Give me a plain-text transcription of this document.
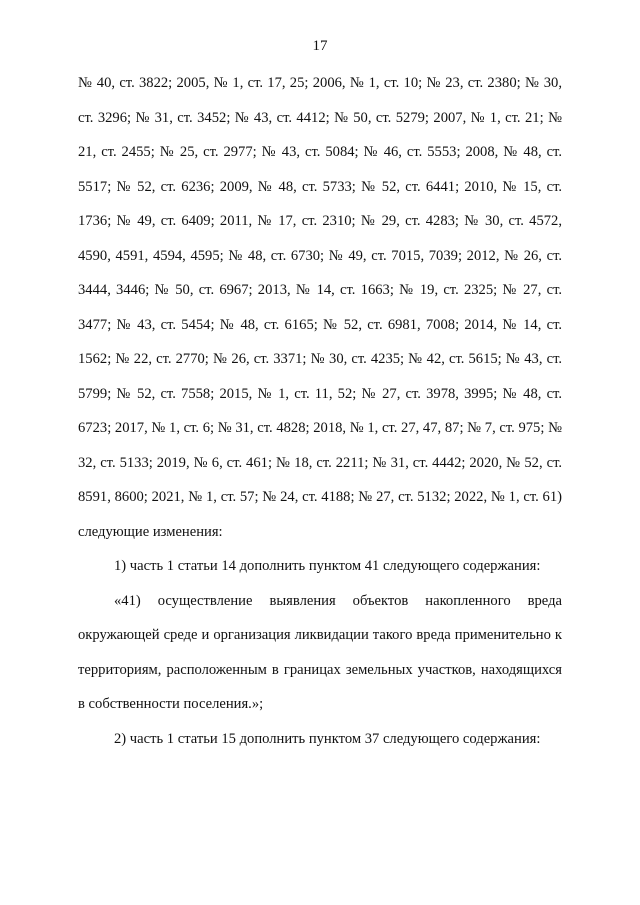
17

№ 40, ст. 3822; 2005, № 1, ст. 17, 25; 2006, № 1, ст. 10; № 23, ст. 2380; № 30, ст. 3296; № 31, ст. 3452; № 43, ст. 4412; № 50, ст. 5279; 2007, № 1, ст. 21; № 21, ст. 2455; № 25, ст. 2977; № 43, ст. 5084; № 46, ст. 5553; 2008, № 48, ст. 5517; № 52, ст. 6236; 2009, № 48, ст. 5733; № 52, ст. 6441; 2010, № 15, ст. 1736; № 49, ст. 6409; 2011, № 17, ст. 2310; № 29, ст. 4283; № 30, ст. 4572, 4590, 4591, 4594, 4595; № 48, ст. 6730; № 49, ст. 7015, 7039; 2012, № 26, ст. 3444, 3446; № 50, ст. 6967; 2013, № 14, ст. 1663; № 19, ст. 2325; № 27, ст. 3477; № 43, ст. 5454; № 48, ст. 6165; № 52, ст. 6981, 7008; 2014, № 14, ст. 1562; № 22, ст. 2770; № 26, ст. 3371; № 30, ст. 4235; № 42, ст. 5615; № 43, ст. 5799; № 52, ст. 7558; 2015, № 1, ст. 11, 52; № 27, ст. 3978, 3995; № 48, ст. 6723; 2017, № 1, ст. 6; № 31, ст. 4828; 2018, № 1, ст. 27, 47, 87; № 7, ст. 975; № 32, ст. 5133; 2019, № 6, ст. 461; № 18, ст. 2211; № 31, ст. 4442; 2020, № 52, ст. 8591, 8600; 2021, № 1, ст. 57; № 24, ст. 4188; № 27, ст. 5132; 2022, № 1, ст. 61) следующие изменения:

1) часть 1 статьи 14 дополнить пунктом 41 следующего содержания:

«41) осуществление выявления объектов накопленного вреда окружающей среде и организация ликвидации такого вреда применительно к территориям, расположенным в границах земельных участков, находящихся в собственности поселения.»;

2) часть 1 статьи 15 дополнить пунктом 37 следующего содержания:
